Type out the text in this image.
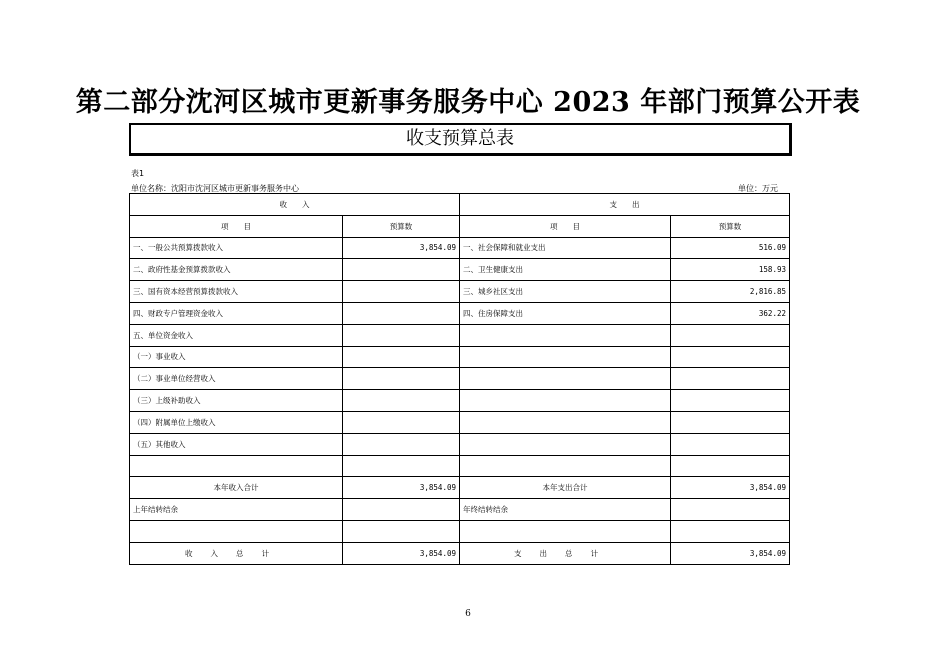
第二部分沈河区城市更新事务服务中心 2023 年部门预算公开表
收支预算总表
表1
单位名称：沈阳市沈河区城市更新事务服务中心	单位：万元
收　　入		支　　出	
项　　目	预算数	项　　目	预算数
一、一般公共预算拨款收入	3,854.09	一、社会保障和就业支出	516.09
二、政府性基金预算拨款收入		二、卫生健康支出	158.93
三、国有资本经营预算拨款收入		三、城乡社区支出	2,816.85
四、财政专户管理资金收入		四、住房保障支出	362.22
五、单位资金收入			
（一）事业收入			
（二）事业单位经营收入			
（三）上级补助收入			
（四）附属单位上缴收入			
（五）其他收入			

本年收入合计	3,854.09	本年支出合计	3,854.09
上年结转结余		年终结转结余	

收入总计	3,854.09	支出总计	3,854.09
6
